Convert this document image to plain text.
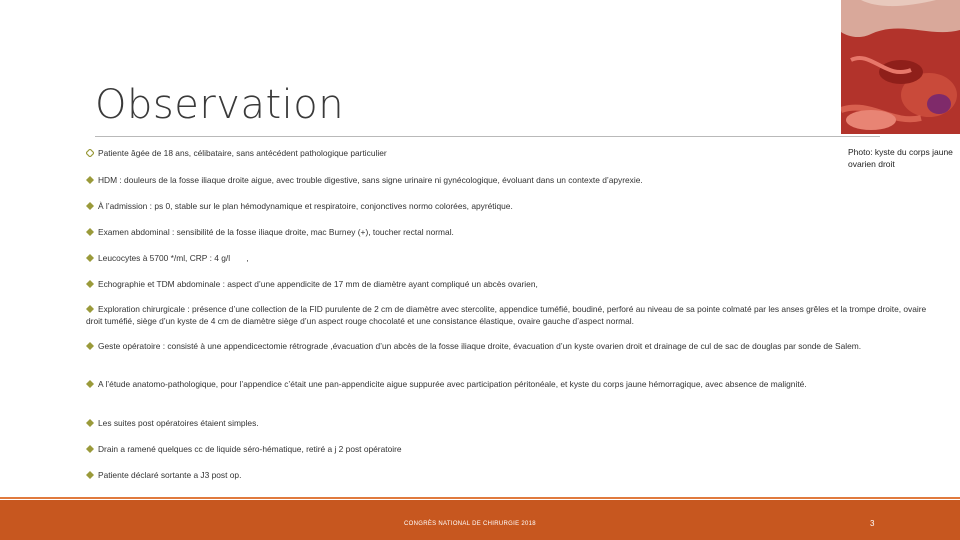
Observation
Photo: kyste du corps jaune ovarien droit
Patiente âgée de 18 ans, célibataire, sans antécédent pathologique particulier
HDM : douleurs de la fosse iliaque droite aigue, avec trouble digestive, sans signe urinaire ni gynécologique, évoluant dans un contexte d’apyrexie.
À l’admission : ps 0, stable sur le plan hémodynamique et respiratoire, conjonctives normo colorées, apyrétique.
Examen abdominal : sensibilité de la fosse iliaque droite, mac Burney (+), toucher rectal normal.
Leucocytes à 5700 */ml, CRP : 4 g/l       ,
Echographie et TDM abdominale : aspect d’une appendicite de 17 mm de diamètre ayant compliqué un abcès ovarien,
Exploration chirurgicale : présence d’une collection de la FID purulente de 2 cm de diamètre avec stercolite, appendice tuméfié, boudiné, perforé au niveau de sa pointe colmaté par les anses grêles et la trompe droite, ovaire droit tuméfié, siège d’un kyste de 4 cm de diamètre siège d’un aspect rouge chocolaté et une consistance élastique, ovaire gauche d’aspect normal.
Geste opératoire : consisté à une appendicectomie rétrograde ,évacuation d’un abcès de la fosse iliaque droite, évacuation d’un kyste ovarien droit et drainage de cul de sac de douglas par sonde de Salem.
A l’étude anatomo-pathologique, pour l’appendice c’était une pan-appendicite aigue suppurée avec participation péritonéale, et kyste du corps jaune hémorragique, avec absence de malignité.
Les suites post opératoires étaient simples.
Drain a ramené quelques cc de liquide séro-hématique, retiré a j 2 post opératoire
Patiente déclaré sortante a J3 post op.
CONGRÈS NATIONAL DE CHIRURGIE 2018	3
